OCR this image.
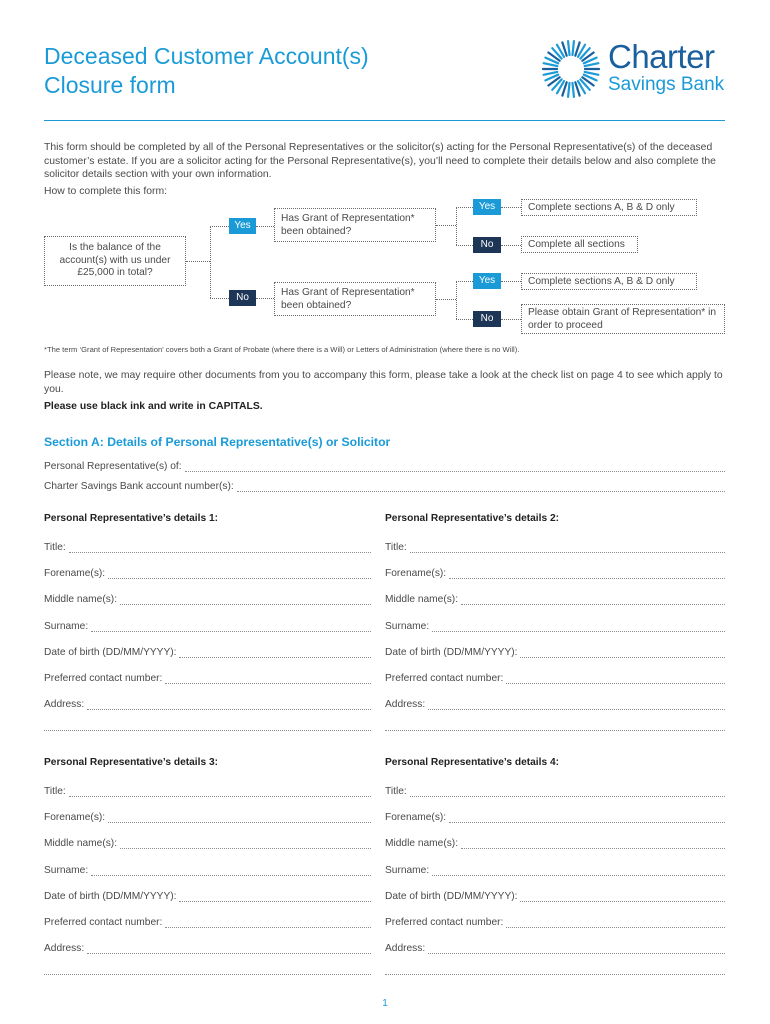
Deceased Customer Account(s)
Closure form
Charter
Savings Bank

This form should be completed by all of the Personal Representatives or the solicitor(s) acting for the Personal Representative(s) of the deceased customer’s estate. If you are a solicitor acting for the Personal Representative(s), you’ll need to complete their details below and also complete the solicitor details section with your own information.

How to complete this form:
Is the balance of the account(s) with us under £25,000 in total?
Yes
No
Has Grant of Representation* been obtained?
Has Grant of Representation* been obtained?
Yes
No
Yes
No
Complete sections A, B & D only
Complete all sections
Complete sections A, B & D only
Please obtain Grant of Representation* in order to proceed
*The term ‘Grant of Representation’ covers both a Grant of Probate (where there is a Will) or Letters of Administration (where there is no Will).

Please note, we may require other documents from you to accompany this form, please take a look at the check list on page 4 to see which apply to you.

Please use black ink and write in CAPITALS.
Section A: Details of Personal Representative(s) or Solicitor
Personal Representative(s) of:
Charter Savings Bank account number(s):
Personal Representative’s details 1:
Title:
Forename(s):
Middle name(s):
Surname:
Date of birth (DD/MM/YYYY):
Preferred contact number:
Address:
Personal Representative’s details 2:
Title:
Forename(s):
Middle name(s):
Surname:
Date of birth (DD/MM/YYYY):
Preferred contact number:
Address:
Personal Representative’s details 3:
Title:
Forename(s):
Middle name(s):
Surname:
Date of birth (DD/MM/YYYY):
Preferred contact number:
Address:
Personal Representative’s details 4:
Title:
Forename(s):
Middle name(s):
Surname:
Date of birth (DD/MM/YYYY):
Preferred contact number:
Address:
1
